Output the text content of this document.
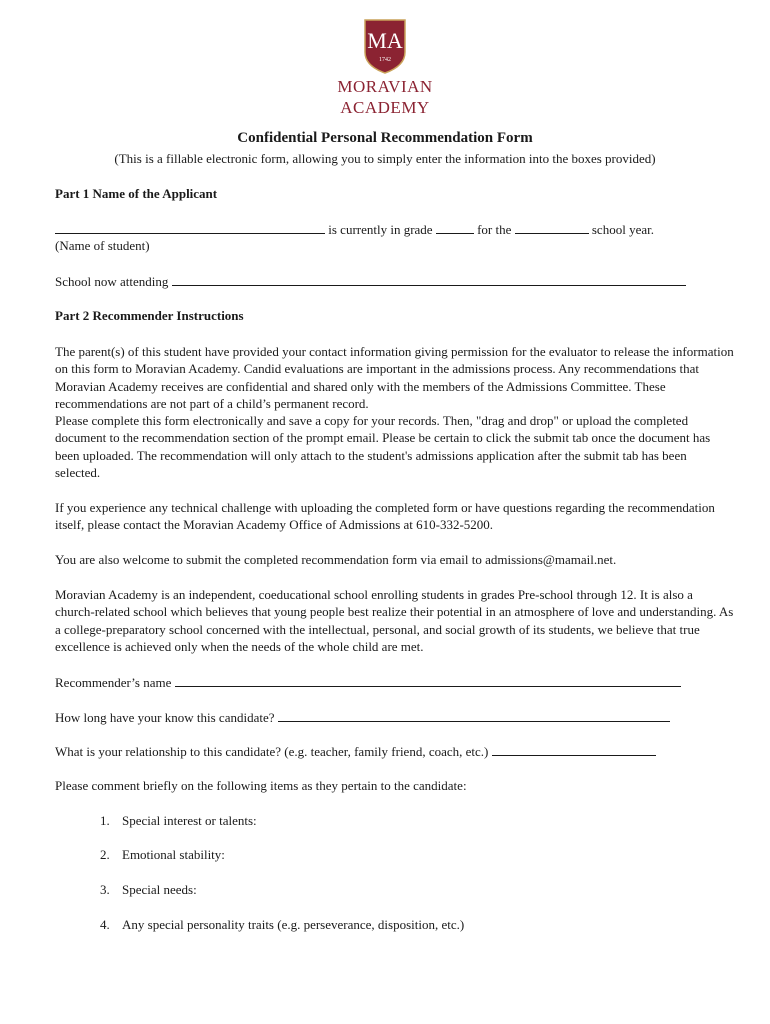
MA
1742
MORAVIAN
ACADEMY
Confidential Personal Recommendation Form
(This is a fillable electronic form, allowing you to simply enter the information into the boxes provided)
Part 1 Name of the Applicant
is currently in grade	for the	school year.
(Name of student)
School now attending
Part 2 Recommender Instructions

The parent(s) of this student have provided your contact information giving permission for the evaluator to release the information on this form to Moravian Academy. Candid evaluations are important in the admissions process. Any recommendations that Moravian Academy receives are confidential and shared only with the members of the Admissions Committee. These recommendations are not part of a child’s permanent record.

Please complete this form electronically and save a copy for your records. Then, "drag and drop" or upload the completed document to the recommendation section of the prompt email. Please be certain to click the submit tab once the document has been uploaded. The recommendation will only attach to the student's admissions application after the submit tab has been selected.

If you experience any technical challenge with uploading the completed form or have questions regarding the recommendation itself, please contact the Moravian Academy Office of Admissions at 610-332-5200.
You are also welcome to submit the completed recommendation form via email to admissions@mamail.net.
Moravian Academy is an independent, coeducational school enrolling students in grades Pre-school through 12. It is also a church-related school which believes that young people best realize their potential in an atmosphere of love and understanding. As a college-preparatory school concerned with the intellectual, personal, and social growth of its students, we believe that true excellence is achieved only when the needs of the whole child are met.
Recommender’s name
How long have your know this candidate?
What is your relationship to this candidate? (e.g. teacher, family friend, coach, etc.)
Please comment briefly on the following items as they pertain to the candidate:
1. Special interest or talents:
2. Emotional stability:
3. Special needs:
4. Any special personality traits (e.g. perseverance, disposition, etc.)
